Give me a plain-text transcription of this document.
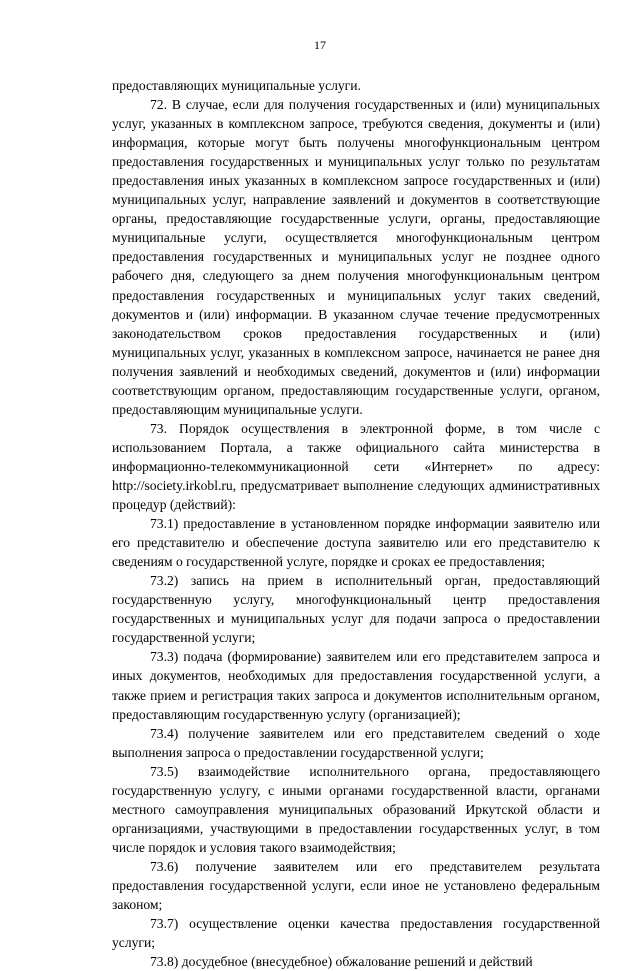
17

предоставляющих муниципальные услуги.

72. В случае, если для получения государственных и (или) муниципальных услуг, указанных в комплексном запросе, требуются сведения, документы и (или) информация, которые могут быть получены многофункциональным центром предоставления государственных и муниципальных услуг только по результатам предоставления иных указанных в комплексном запросе государственных и (или) муниципальных услуг, направление заявлений и документов в соответствующие органы, предоставляющие государственные услуги, органы, предоставляющие муниципальные услуги, осуществляется многофункциональным центром предоставления государственных и муниципальных услуг не позднее одного рабочего дня, следующего за днем получения многофункциональным центром предоставления государственных и муниципальных услуг таких сведений, документов и (или) информации. В указанном случае течение предусмотренных законодательством сроков предоставления государственных и (или) муниципальных услуг, указанных в комплексном запросе, начинается не ранее дня получения заявлений и необходимых сведений, документов и (или) информации соответствующим органом, предоставляющим государственные услуги, органом, предоставляющим муниципальные услуги.

73. Порядок осуществления в электронной форме, в том числе с использованием Портала, а также официального сайта министерства в информационно-телекоммуникационной сети «Интернет» по адресу: http://society.irkobl.ru, предусматривает выполнение следующих административных процедур (действий):

73.1) предоставление в установленном порядке информации заявителю или его представителю и обеспечение доступа заявителю или его представителю к сведениям о государственной услуге, порядке и сроках ее предоставления;

73.2) запись на прием в исполнительный орган, предоставляющий государственную услугу, многофункциональный центр предоставления государственных и муниципальных услуг для подачи запроса о предоставлении государственной услуги;

73.3) подача (формирование) заявителем или его представителем запроса и иных документов, необходимых для предоставления государственной услуги, а также прием и регистрация таких запроса и документов исполнительным органом, предоставляющим государственную услугу (организацией);

73.4) получение заявителем или его представителем сведений о ходе выполнения запроса о предоставлении государственной услуги;

73.5) взаимодействие исполнительного органа, предоставляющего государственную услугу, с иными органами государственной власти, органами местного самоуправления муниципальных образований Иркутской области и организациями, участвующими в предоставлении государственных услуг, в том числе порядок и условия такого взаимодействия;

73.6) получение заявителем или его представителем результата предоставления государственной услуги, если иное не установлено федеральным законом;

73.7) осуществление оценки качества предоставления государственной услуги;

73.8) досудебное (внесудебное) обжалование решений и действий
